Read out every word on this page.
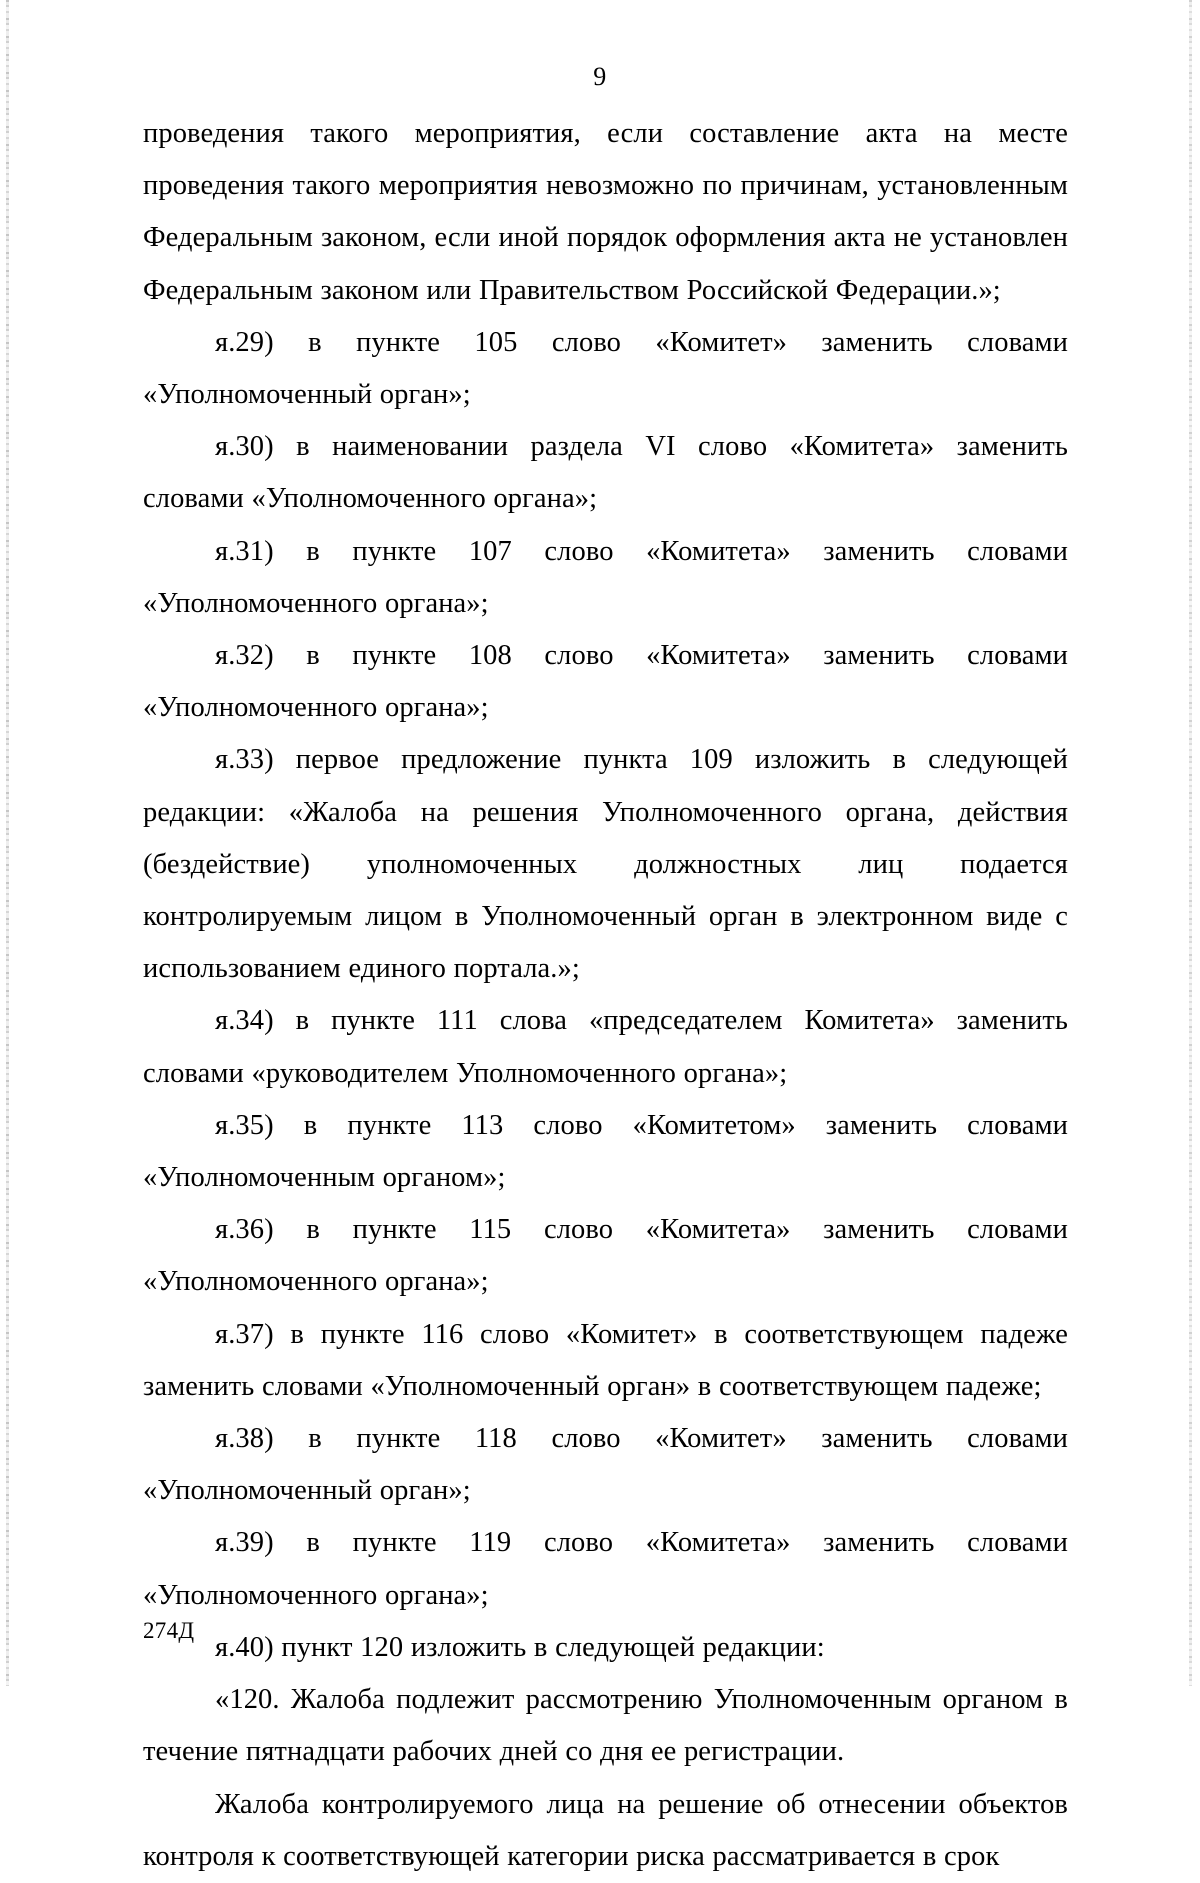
9

проведения такого мероприятия, если составление акта на месте проведения такого мероприятия невозможно по причинам, установленным Федеральным законом, если иной порядок оформления акта не установлен Федеральным законом или Правительством Российской Федерации.»;

я.29) в пункте 105 слово «Комитет» заменить словами «Уполномоченный орган»;

я.30) в наименовании раздела VI слово «Комитета» заменить словами «Уполномоченного органа»;

я.31) в пункте 107 слово «Комитета» заменить словами «Уполномоченного органа»;

я.32) в пункте 108 слово «Комитета» заменить словами «Уполномоченного органа»;

я.33) первое предложение пункта 109 изложить в следующей редакции: «Жалоба на решения Уполномоченного органа, действия (бездействие) уполномоченных должностных лиц подается контролируемым лицом в Уполномоченный орган в электронном виде с использованием единого портала.»;

я.34) в пункте 111 слова «председателем Комитета» заменить словами «руководителем Уполномоченного органа»;

я.35) в пункте 113 слово «Комитетом» заменить словами «Уполномоченным органом»;

я.36) в пункте 115 слово «Комитета» заменить словами «Уполномоченного органа»;

я.37) в пункте 116 слово «Комитет» в соответствующем падеже заменить словами «Уполномоченный орган» в соответствующем падеже;

я.38) в пункте 118 слово «Комитет» заменить словами «Уполномоченный орган»;

я.39) в пункте 119 слово «Комитета» заменить словами «Уполномоченного органа»;

я.40) пункт 120 изложить в следующей редакции:

«120. Жалоба подлежит рассмотрению Уполномоченным органом в течение пятнадцати рабочих дней со дня ее регистрации.

Жалоба контролируемого лица на решение об отнесении объектов контроля к соответствующей категории риска рассматривается в срок

274Д
